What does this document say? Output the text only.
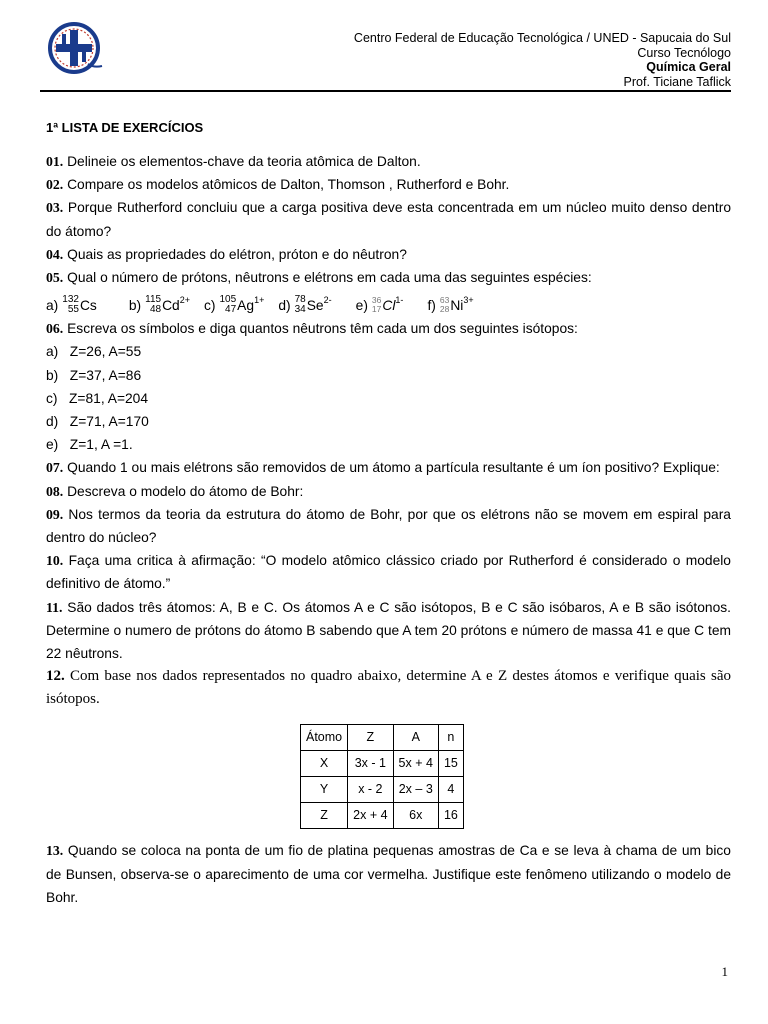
Centro Federal de Educação Tecnológica / UNED - Sapucaia do Sul
Curso Tecnólogo
Química Geral
Prof. Ticiane Taflick
1ª LISTA DE EXERCÍCIOS

01. Delineie os elementos-chave da teoria atômica de Dalton.

02. Compare os modelos atômicos de Dalton, Thomson , Rutherford e Bohr.

03. Porque Rutherford concluiu que a carga positiva deve esta concentrada em um núcleo muito denso dentro do átomo?

04. Quais as propriedades do elétron, próton e do nêutron?

05. Qual o número de prótons, nêutrons e elétrons em cada uma das seguintes espécies:

a) 132
55 Cs b) 115
48 Cd 2+ c) 105
47 Ag 1+ d) 78
34 Se 2- e) 36
17 Cl 1- f) 63
28 Ni 3+

06. Escreva os símbolos e diga quantos nêutrons têm cada um dos seguintes isótopos:

a) Z=26, A=55

b) Z=37, A=86

c) Z=81, A=204

d) Z=71, A=170

e) Z=1, A =1.

07. Quando 1 ou mais elétrons são removidos de um átomo a partícula resultante é um íon positivo? Explique:

08. Descreva o modelo do átomo de Bohr:

09. Nos termos da teoria da estrutura do átomo de Bohr, por que os elétrons não se movem em espiral para dentro do núcleo?

10. Faça uma critica à afirmação: “O modelo atômico clássico criado por Rutherford é considerado o modelo definitivo de átomo.”

11. São dados três átomos: A, B e C. Os átomos A e C são isótopos, B e C são isóbaros, A e B são isótonos. Determine o numero de prótons do átomo B sabendo que A tem 20 prótons e número de massa 41 e que C tem 22 nêutrons.

12. Com base nos dados representados no quadro abaixo, determine A e Z destes átomos e verifique quais são isótopos.

Átomo	Z	A	n
X	3x - 1	5x + 4	15
Y	x - 2	2x – 3	4
Z	2x + 4	6x	16

13. Quando se coloca na ponta de um fio de platina pequenas amostras de Ca e se leva à chama de um bico de Bunsen, observa-se o aparecimento de uma cor vermelha. Justifique este fenômeno utilizando o modelo de Bohr.

1
